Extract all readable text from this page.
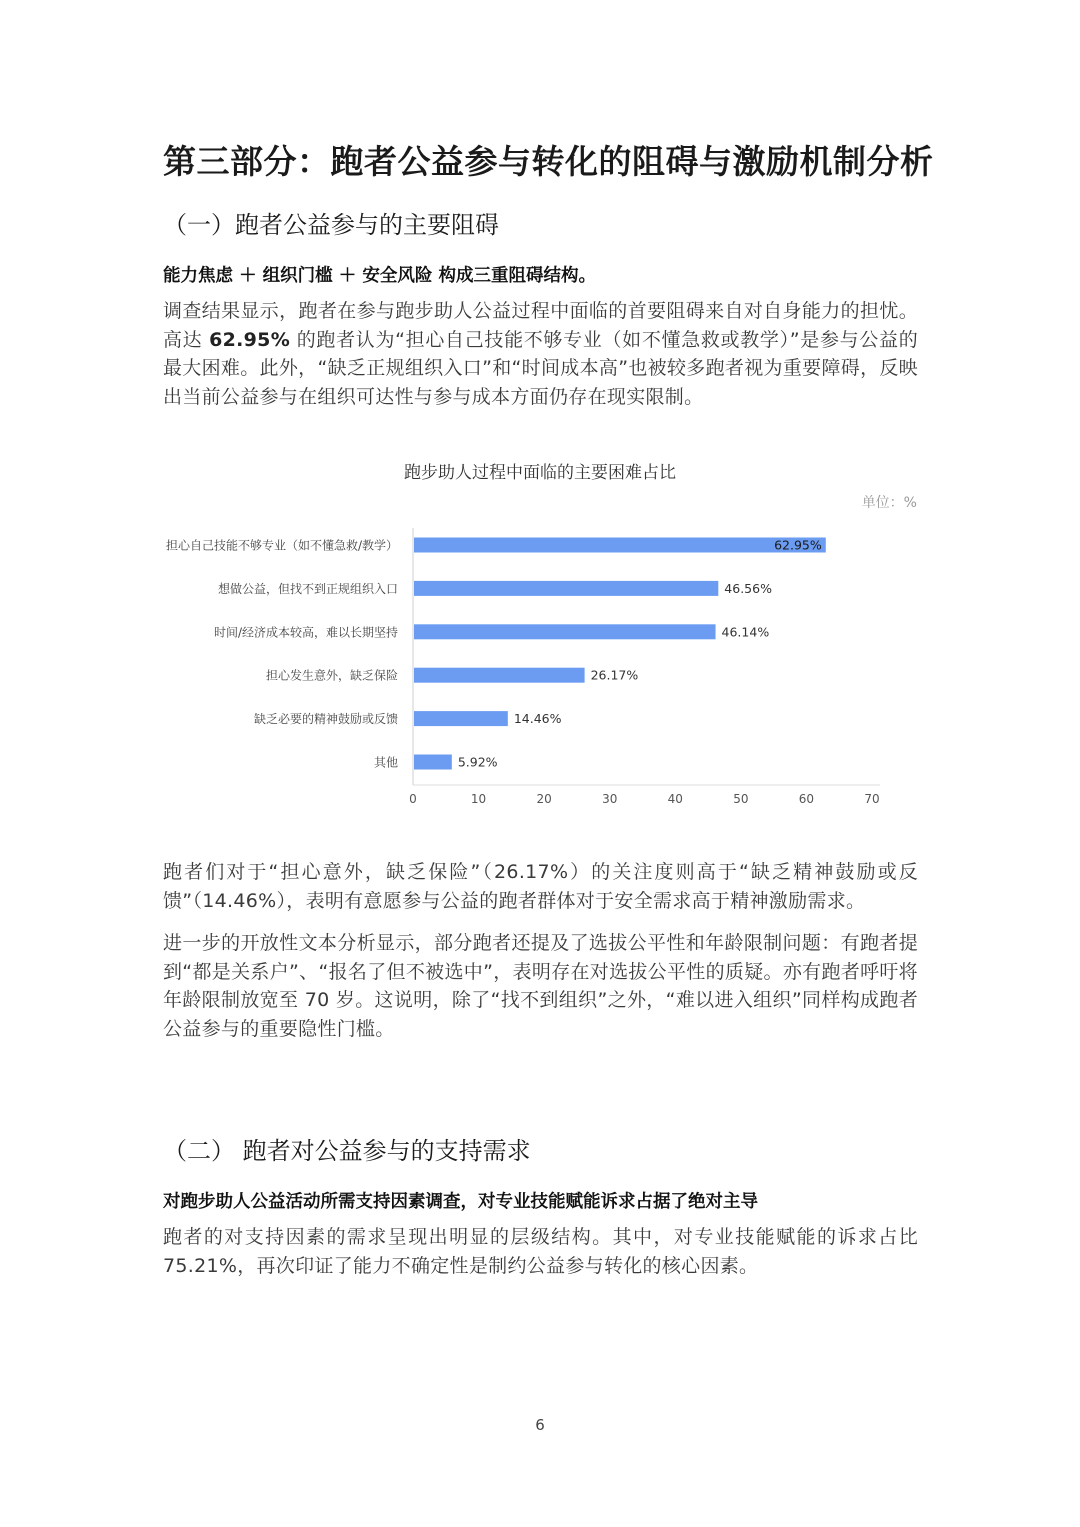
第三部分：跑者公益参与转化的阻碍与激励机制分析
（一）跑者公益参与的主要阻碍
能力焦虑 ＋ 组织门槛 ＋ 安全风险 构成三重阻碍结构。
调查结果显示，跑者在参与跑步助人公益过程中面临的首要阻碍来自对自身能力的担忧。高达 62.95% 的跑者认为“担心自己技能不够专业（如不懂急救或教学）”是参与公益的最大困难。此外，“缺乏正规组织入口”和“时间成本高”也被较多跑者视为重要障碍，反映出当前公益参与在组织可达性与参与成本方面仍存在现实限制。
跑步助人过程中面临的主要困难占比
单位：%
担心自己技能不够专业（如不懂急救/教学）	62.95%
想做公益，但找不到正规组织入口	46.56%
时间/经济成本较高，难以长期坚持	46.14%
担心发生意外，缺乏保险	26.17%
缺乏必要的精神鼓励或反馈	14.46%
其他	5.92%
0	10	20	30	40	50	60	70
跑者们对于“担心意外，缺乏保险”（26.17%）的关注度则高于“缺乏精神鼓励或反馈”（14.46%），表明有意愿参与公益的跑者群体对于安全需求高于精神激励需求。
进一步的开放性文本分析显示，部分跑者还提及了选拔公平性和年龄限制问题：有跑者提到“都是关系户”、“报名了但不被选中”，表明存在对选拔公平性的质疑。亦有跑者呼吁将年龄限制放宽至 70 岁。这说明，除了“找不到组织”之外，“难以进入组织”同样构成跑者公益参与的重要隐性门槛。
（二） 跑者对公益参与的支持需求
对跑步助人公益活动所需支持因素调查，对专业技能赋能诉求占据了绝对主导
跑者的对支持因素的需求呈现出明显的层级结构。其中，对专业技能赋能的诉求占比 75.21%，再次印证了能力不确定性是制约公益参与转化的核心因素。
6
